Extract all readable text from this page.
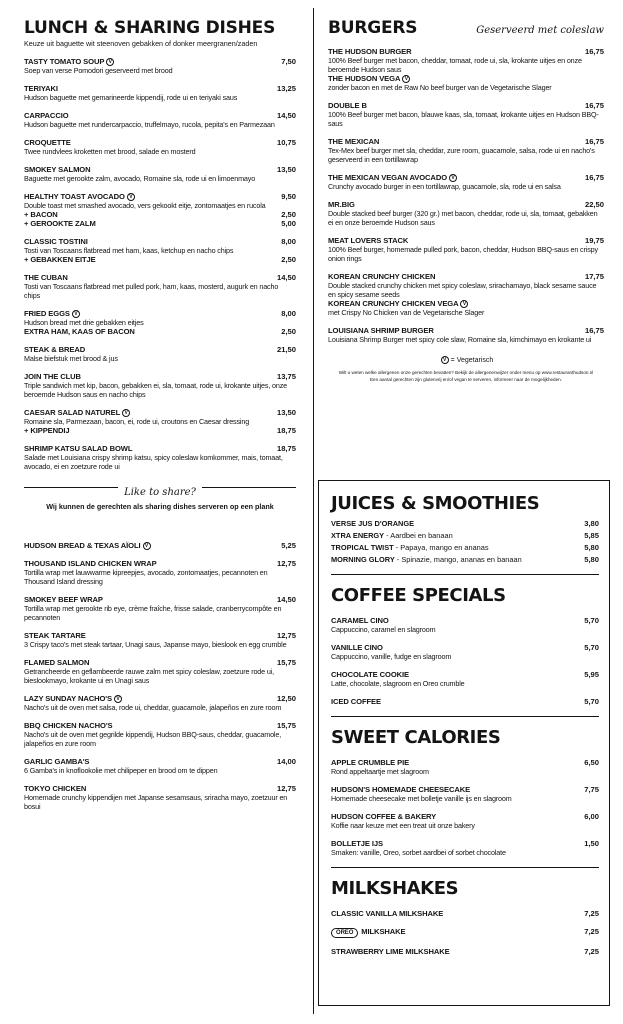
LUNCH & SHARING DISHES
Keuze uit baguette wit steenoven gebakken of donker meergranen/zaden
TASTY TOMATO SOUP V	7,50
Soep van verse Pomodori geserveerd met brood
TERIYAKI	13,25
Hudson baguette met gemarineerde kippendij, rode ui en teriyaki saus
CARPACCIO	14,50
Hudson baguette met rundercarpaccio, truffelmayo, rucola, pepita's en Parmezaan
CROQUETTE	10,75
Twee rundvlees kroketten met brood, salade en mosterd
SMOKEY SALMON	13,50
Baguette met gerookte zalm, avocado, Romaine sla, rode ui en limoenmayo
HEALTHY TOAST AVOCADO V	9,50
Double toast met smashed avocado, vers gekookt eitje, zontomaatjes en rucola
+ BACON	2,50
+ GEROOKTE ZALM	5,00
CLASSIC TOSTINI	8,00
Tosti van Toscaans flatbread met ham, kaas, ketchup en nacho chips
+ GEBAKKEN EITJE	2,50
THE CUBAN	14,50
Tosti van Toscaans flatbread met pulled pork, ham, kaas, mosterd, augurk en nacho chips
FRIED EGGS V	8,00
Hudson bread met drie gebakken eitjes
EXTRA HAM, KAAS OF BACON	2,50
STEAK & BREAD	21,50
Malse biefstuk met brood & jus
JOIN THE CLUB	13,75
Triple sandwich met kip, bacon, gebakken ei, sla, tomaat, rode ui, krokante uitjes, onze beroemde Hudson saus en nacho chips
CAESAR SALAD NATUREL V	13,50
Romaine sla, Parmezaan, bacon, ei, rode ui, croutons en Caesar dressing
+ KIPPENDIJ	18,75
SHRIMP KATSU SALAD BOWL	18,75
Salade met Louisiana crispy shrimp katsu, spicy coleslaw komkommer, mais, tomaat, avocado, ei en zoetzure rode ui
Like to share?
Wij kunnen de gerechten als sharing dishes serveren op een plank
HUDSON BREAD & TEXAS AÏOLI V	5,25
THOUSAND ISLAND CHICKEN WRAP	12,75
Tortilla wrap met lauwwarme kipreepjes, avocado, zontomaatjes, pecannoten en Thousand Island dressing
SMOKEY BEEF WRAP	14,50
Tortilla wrap met gerookte rib eye, crème fraîche, frisse salade, cranberrycompôte en pecannoten
STEAK TARTARE	12,75
3 Crispy taco's met steak tartaar, Unagi saus, Japanse mayo, bieslook en egg crumble
FLAMED SALMON	15,75
Getrancheerde en geflambeerde rauwe zalm met spicy coleslaw, zoetzure rode ui, bieslookmayo, krokante ui en Unagi saus
LAZY SUNDAY NACHO'S V	12,50
Nacho's uit de oven met salsa, rode ui, cheddar, guacamole, jalapeños en zure room
BBQ CHICKEN NACHO'S	15,75
Nacho's uit de oven met gegrilde kippendij, Hudson BBQ-saus, cheddar, guacamole, jalapeños en zure room
GARLIC GAMBA'S	14,00
6 Gamba's in knoflookolie met chilipeper en brood om te dippen
TOKYO CHICKEN	12,75
Homemade crunchy kippendijen met Japanse sesamsaus, sriracha mayo, zoetzuur en bosui
BURGERS	Geserveerd met coleslaw
THE HUDSON BURGER	16,75
100% Beef burger met bacon, cheddar, tomaat, rode ui, sla, krokante uitjes en onze beroemde Hudson saus
THE HUDSON VEGA V
zonder bacon en met de Raw No beef burger van de Vegetarische Slager
DOUBLE B	16,75
100% Beef burger met bacon, blauwe kaas, sla, tomaat, krokante uitjes en Hudson BBQ-saus
THE MEXICAN	16,75
Tex-Mex beef burger met sla, cheddar, zure room, guacamole, salsa, rode ui en nacho's geserveerd in een tortillawrap
THE MEXICAN VEGAN AVOCADO V	16,75
Crunchy avocado burger in een tortillawrap, guacamole, sla, rode ui en salsa
MR.BIG	22,50
Double stacked beef burger (320 gr.) met bacon, cheddar, rode ui, sla, tomaat, gebakken ei en onze beroemde Hudson saus
MEAT LOVERS STACK	19,75
100% Beef burger, homemade pulled pork, bacon, cheddar, Hudson BBQ-saus en crispy onion rings
KOREAN CRUNCHY CHICKEN	17,75
Double stacked crunchy chicken met spicy coleslaw, srirachamayo, black sesame sauce en spicy sesame seeds
KOREAN CRUNCHY CHICKEN VEGA V
met Crispy No Chicken van de Vegetarische Slager
LOUISIANA SHRIMP BURGER	16,75
Louisiana Shrimp Burger met spicy cole slaw, Romaine sla, kimchimayo en krokante ui
V = Vegetarisch
Wilt u weten welke allergenen onze gerechten bevatten? Bekijk de allergenenwijzer onder menu op www.restauranthudson.nl
Een aantal gerechten zijn glutenvrij en/of vegan te serveren, informeer naar de mogelijkheden.
JUICES & SMOOTHIES
VERSE JUS D'ORANGE	3,80
XTRA ENERGY - Aardbei en banaan	5,85
TROPICAL TWIST - Papaya, mango en ananas	5,80
MORNING GLORY - Spinazie, mango, ananas en banaan	5,80
COFFEE SPECIALS
CARAMEL CINO	5,70
Cappuccino, caramel en slagroom
VANILLE CINO	5,70
Cappuccino, vanille, fudge en slagroom
CHOCOLATE COOKIE	5,95
Latte, chocolate, slagroom en Oreo crumble
ICED COFFEE	5,70
SWEET CALORIES
APPLE CRUMBLE PIE	6,50
Rond appeltaartje met slagroom
HUDSON'S HOMEMADE CHEESECAKE	7,75
Homemade cheesecake met bolletje vanille ijs en slagroom
HUDSON COFFEE & BAKERY	6,00
Koffie naar keuze met een treat uit onze bakery
BOLLETJE IJS	1,50
Smaken: vanille, Oreo, sorbet aardbei of sorbet chocolate
MILKSHAKES
CLASSIC VANILLA MILKSHAKE	7,25
OREO MILKSHAKE	7,25
STRAWBERRY LIME MILKSHAKE	7,25
